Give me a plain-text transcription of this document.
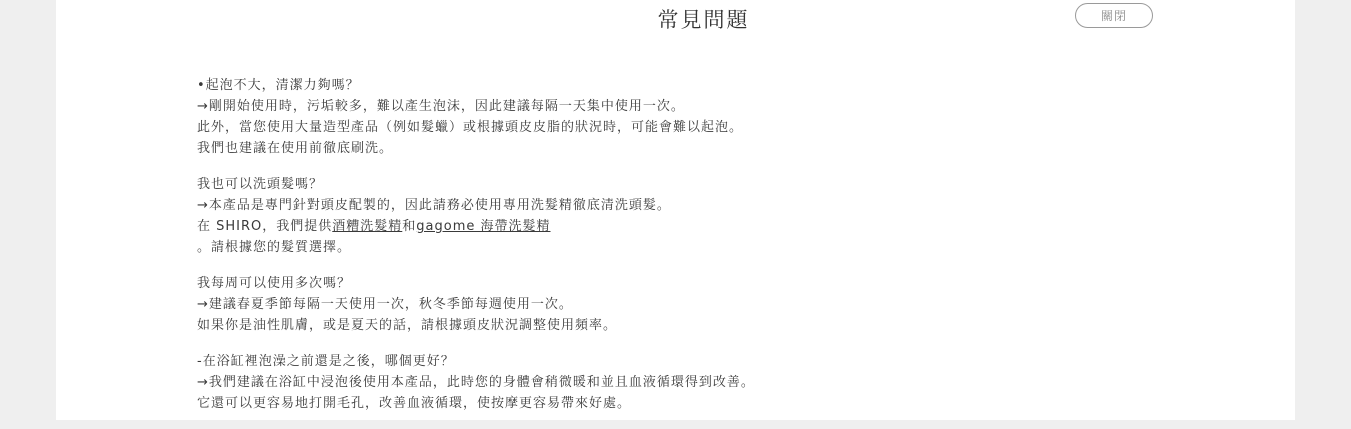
常見問題	關閉

•起泡不大，清潔力夠嗎？

→剛開始使用時，污垢較多，難以產生泡沫，因此建議每隔一天集中使用一次。

此外，當您使用大量造型產品（例如髮蠟）或根據頭皮皮脂的狀況時，可能會難以起泡。

我們也建議在使用前徹底刷洗。

我也可以洗頭髮嗎？

→本產品是專門針對頭皮配製的，因此請務必使用專用洗髮精徹底清洗頭髮。

在 SHIRO，我們提供酒糟洗髮精和gagome 海帶洗髮精

。請根據您的髮質選擇。

我每周可以使用多次嗎？

→建議春夏季節每隔一天使用一次，秋冬季節每週使用一次。

如果你是油性肌膚，或是夏天的話，請根據頭皮狀況調整使用頻率。

-在浴缸裡泡澡之前還是之後，哪個更好？

→我們建議在浴缸中浸泡後使用本產品，此時您的身體會稍微暖和並且血液循環得到改善。

它還可以更容易地打開毛孔，改善血液循環，使按摩更容易帶來好處。
